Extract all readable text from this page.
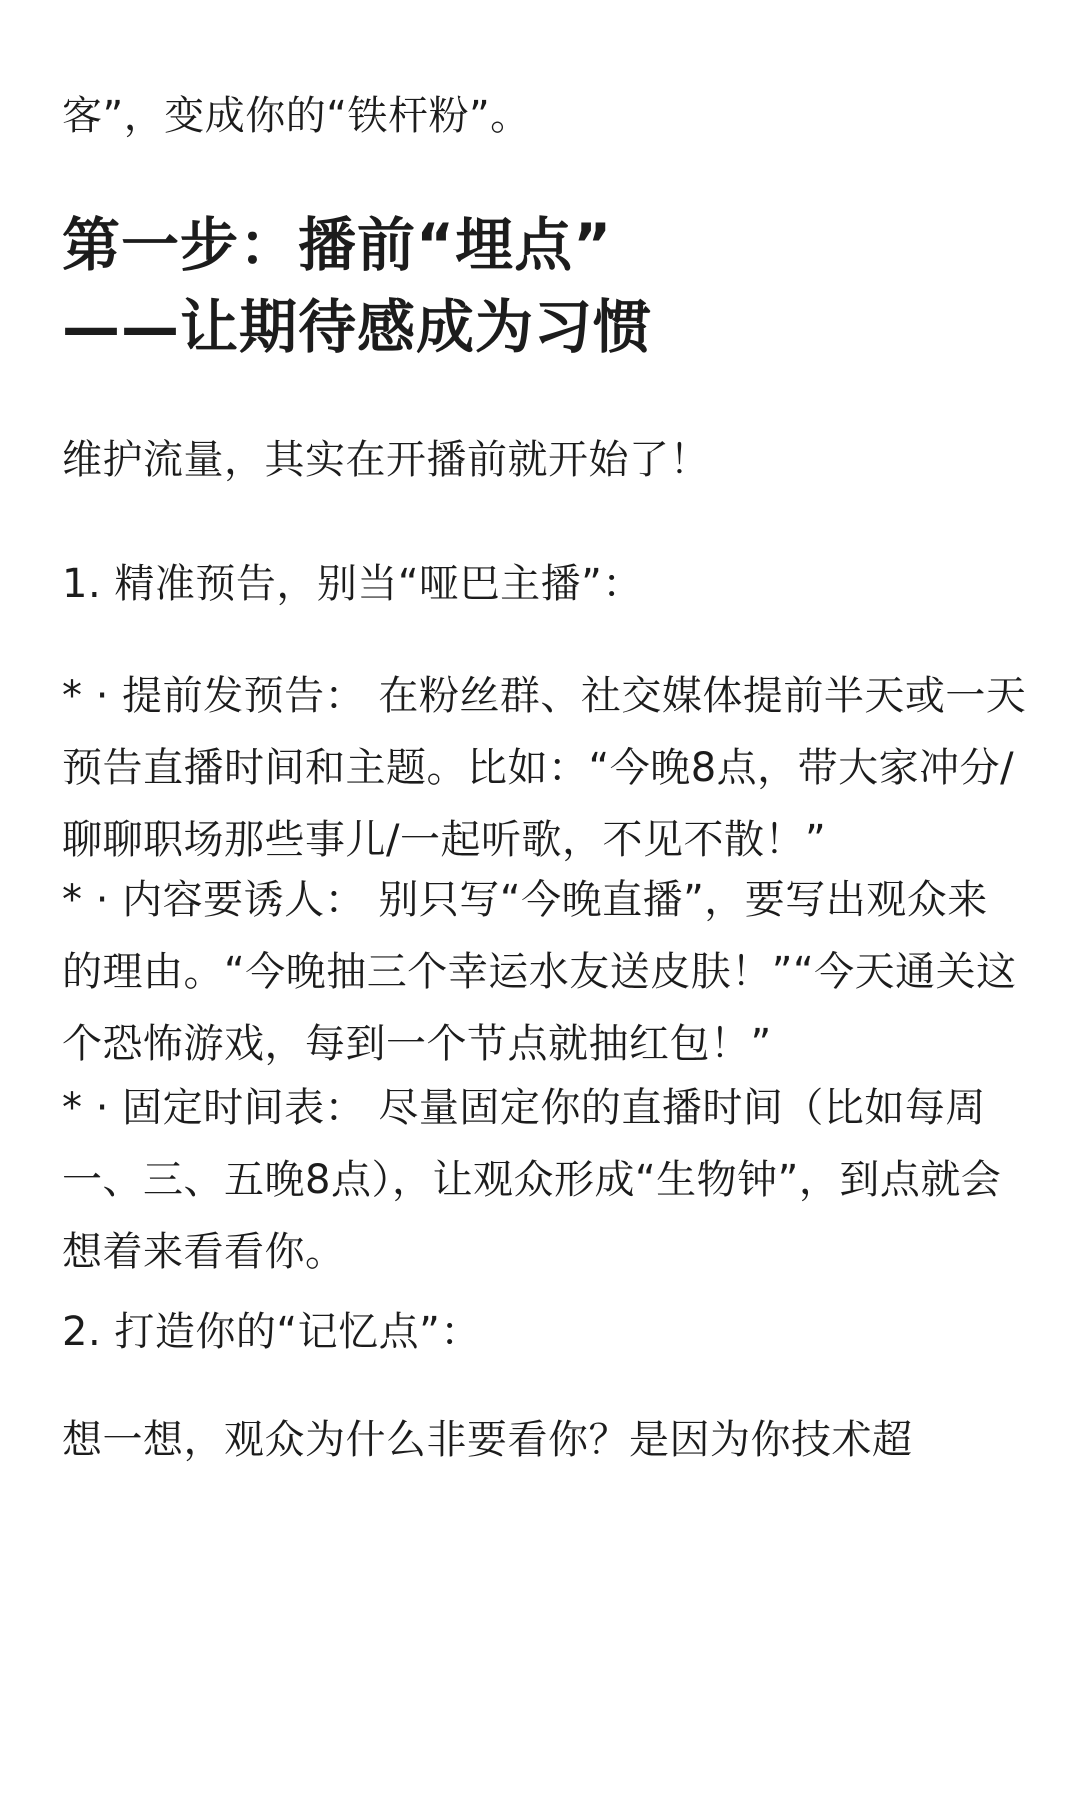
客”，变成你的“铁杆粉”。

第一步：播前“埋点”
——让期待感成为习惯

维护流量，其实在开播前就开始了！

1. 精准预告，别当“哑巴主播”：

* · 提前发预告： 在粉丝群、社交媒体提前半天或一天预告直播时间和主题。比如：“今晚8点，带大家冲分/聊聊职场那些事儿/一起听歌，不见不散！”

* · 内容要诱人： 别只写“今晚直播”，要写出观众来的理由。“今晚抽三个幸运水友送皮肤！”“今天通关这个恐怖游戏，每到一个节点就抽红包！”

* · 固定时间表： 尽量固定你的直播时间（比如每周一、三、五晚8点），让观众形成“生物钟”，到点就会想着来看看你。

2. 打造你的“记忆点”：

想一想，观众为什么非要看你？是因为你技术超
